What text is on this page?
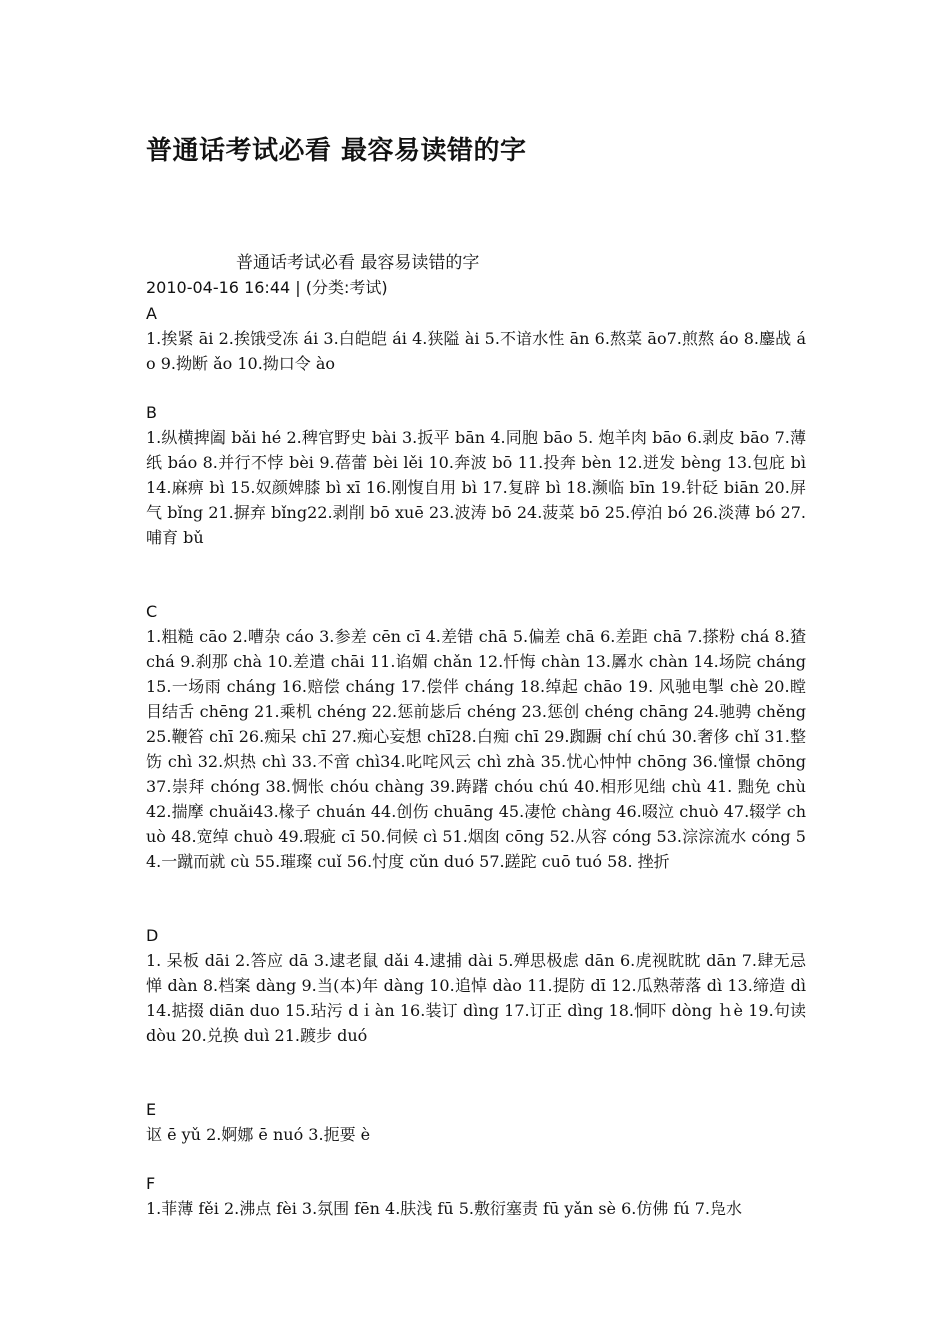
普通话考试必看 最容易读错的字
普通话考试必看 最容易读错的字
2010-04-16 16:44 | (分类:考试)
A
1.挨紧 āi 2.挨饿受冻 ái 3.白皑皑 ái 4.狭隘 ài 5.不谙水性 ān 6.熬菜 āo7.煎熬 áo 8.鏖战 áo 9.拗断 ǎo 10.拗口令 ào
B
1.纵横捭阖 bǎi hé 2.稗官野史 bài 3.扳平 bān 4.同胞 bāo 5. 炮羊肉 bāo 6.剥皮 bāo 7.薄纸 báo 8.并行不悖 bèi 9.蓓蕾 bèi lěi 10.奔波 bō 11.投奔 bèn 12.迸发 bèng 13.包庇 bì 14.麻痹 bì 15.奴颜婢膝 bì xī 16.刚愎自用 bì 17.复辟 bì 18.濒临 bīn 19.针砭 biān 20.屏气 bǐng 21.摒弃 bǐng22.剥削 bō xuē 23.波涛 bō 24.菠菜 bō 25.停泊 bó 26.淡薄 bó 27.哺育 bǔ
C
1.粗糙 cāo 2.嘈杂 cáo 3.参差 cēn cī 4.差错 chā 5.偏差 chā 6.差距 chā 7.搽粉 chá 8.猹 chá 9.刹那 chà 10.差遣 chāi 11.谄媚 chǎn 12.忏悔 chàn 13.羼水 chàn 14.场院 cháng 15.一场雨 cháng 16.赔偿 cháng 17.偿伴 cháng 18.绰起 chāo 19. 风驰电掣 chè 20.瞠目结舌 chēng 21.乘机 chéng 22.惩前毖后 chéng 23.惩创 chéng chāng 24.驰骋 chěng 25.鞭笞 chī 26.痴呆 chī 27.痴心妄想 chī28.白痴 chī 29.踟蹰 chí chú 30.奢侈 chǐ 31.整饬 chì 32.炽热 chì 33.不啻 chì34.叱咤风云 chì zhà 35.忧心忡忡 chōng 36.憧憬 chōng 37.崇拜 chóng 38.惆怅 chóu chàng 39.踌躇 chóu chú 40.相形见绌 chù 41. 黜免 chù 42.揣摩 chuǎi43.椽子 chuán 44.创伤 chuāng 45.凄怆 chàng 46.啜泣 chuò 47.辍学 chuò 48.宽绰 chuò 49.瑕疵 cī 50.伺候 cì 51.烟囱 cōng 52.从容 cóng 53.淙淙流水 cóng 54.一蹴而就 cù 55.璀璨 cuǐ 56.忖度 cǔn duó 57.蹉跎 cuō tuó 58. 挫折
D
1. 呆板 dāi 2.答应 dā 3.逮老鼠 dǎi 4.逮捕 dài 5.殚思极虑 dān 6.虎视眈眈 dān 7.肆无忌惮 dàn 8.档案 dàng 9.当(本)年 dàng 10.追悼 dào 11.提防 dī 12.瓜熟蒂落 dì 13.缔造 dì 14.掂掇 diān duo 15.玷污 dｉàn 16.装订 dìng 17.订正 dìng 18.恫吓 dòng ｈè 19.句读 dòu 20.兑换 duì 21.踱步 duó
E
讴 ē yǔ 2.婀娜 ē nuó 3.扼要 è
F
1.菲薄 fěi 2.沸点 fèi 3.氛围 fēn 4.肤浅 fū 5.敷衍塞责 fū yǎn sè 6.仿佛 fú 7.凫水
